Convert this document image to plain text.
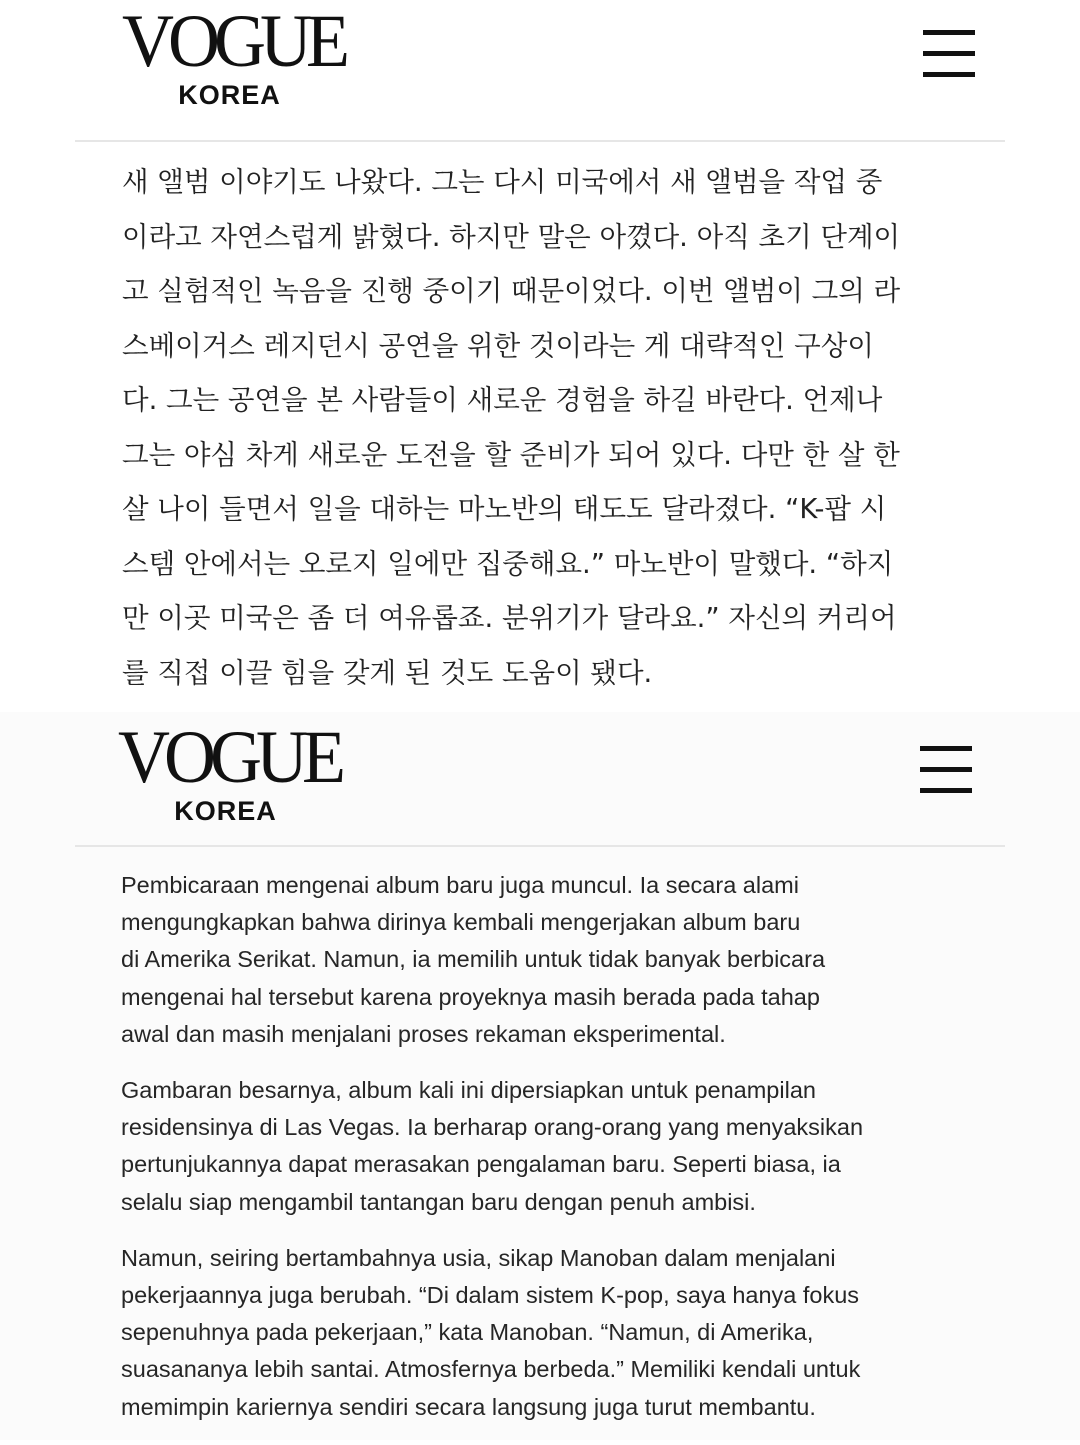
VOGUE
KOREA
새 앨범 이야기도 나왔다. 그는 다시 미국에서 새 앨범을 작업 중
이라고 자연스럽게 밝혔다. 하지만 말은 아꼈다. 아직 초기 단계이
고 실험적인 녹음을 진행 중이기 때문이었다. 이번 앨범이 그의 라
스베이거스 레지던시 공연을 위한 것이라는 게 대략적인 구상이
다. 그는 공연을 본 사람들이 새로운 경험을 하길 바란다. 언제나
그는 야심 차게 새로운 도전을 할 준비가 되어 있다. 다만 한 살 한
살 나이 들면서 일을 대하는 마노반의 태도도 달라졌다. “K-팝 시
스템 안에서는 오로지 일에만 집중해요.” 마노반이 말했다. “하지
만 이곳 미국은 좀 더 여유롭죠. 분위기가 달라요.” 자신의 커리어
를 직접 이끌 힘을 갖게 된 것도 도움이 됐다.
VOGUE
KOREA
Pembicaraan mengenai album baru juga muncul. Ia secara alami
mengungkapkan bahwa dirinya kembali mengerjakan album baru
di Amerika Serikat. Namun, ia memilih untuk tidak banyak berbicara
mengenai hal tersebut karena proyeknya masih berada pada tahap
awal dan masih menjalani proses rekaman eksperimental.
Gambaran besarnya, album kali ini dipersiapkan untuk penampilan
residensinya di Las Vegas. Ia berharap orang-orang yang menyaksikan
pertunjukannya dapat merasakan pengalaman baru. Seperti biasa, ia
selalu siap mengambil tantangan baru dengan penuh ambisi.
Namun, seiring bertambahnya usia, sikap Manoban dalam menjalani
pekerjaannya juga berubah. “Di dalam sistem K-pop, saya hanya fokus
sepenuhnya pada pekerjaan,” kata Manoban. “Namun, di Amerika,
suasananya lebih santai. Atmosfernya berbeda.” Memiliki kendali untuk
memimpin kariernya sendiri secara langsung juga turut membantu.
